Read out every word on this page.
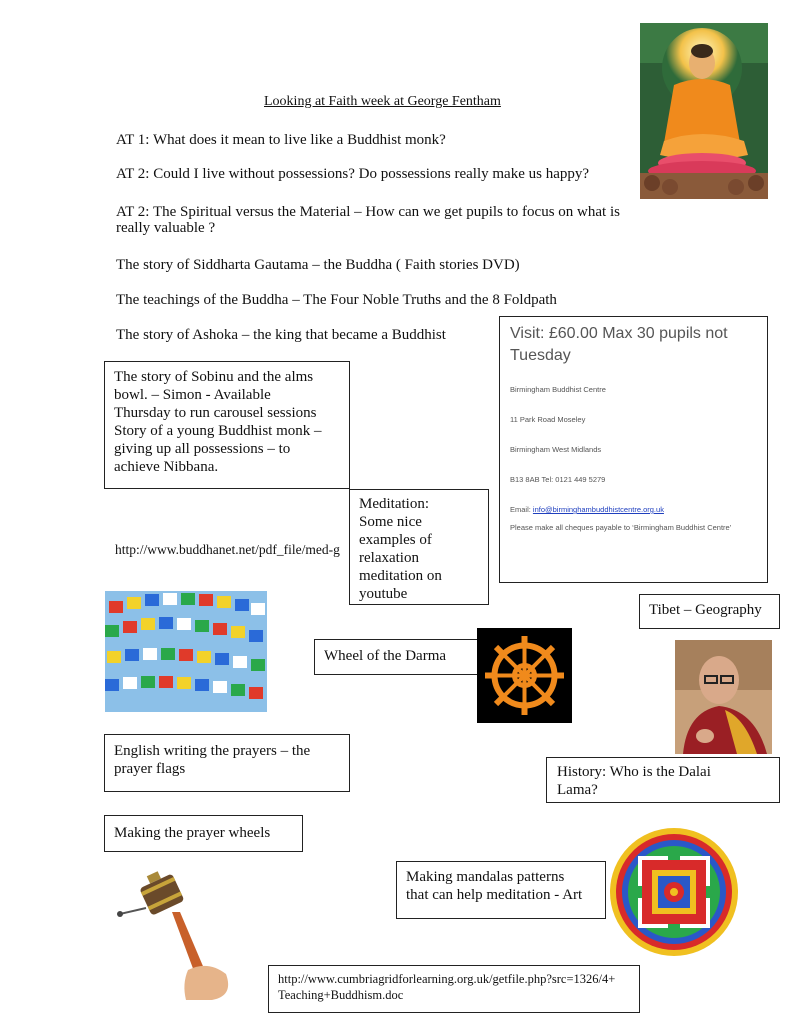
Looking at Faith week at George Fentham
AT 1: What does it mean to live like a Buddhist monk?
AT 2: Could I live without possessions? Do possessions really make us happy?
AT 2: The Spiritual versus the Material – How can we get pupils to focus on what is
really valuable ?
The story of Siddharta Gautama – the Buddha ( Faith stories DVD)
The teachings of the Buddha – The Four Noble Truths and the 8 Foldpath
The story of Ashoka – the king that became a Buddhist
The story of Sobinu and the alms
bowl. – Simon - Available
Thursday to run carousel sessions
Story of a young Buddhist monk –
giving up all possessions – to
achieve Nibbana.
http://www.buddhanet.net/pdf_file/med-g
Meditation:
Some nice
examples of
relaxation
meditation on
youtube
Visit: £60.00 Max 30 pupils not Tuesday
Birmingham Buddhist Centre
11 Park Road Moseley
Birmingham West Midlands
B13 8AB Tel: 0121 449 5279
Email: info@birminghambuddhistcentre.org.uk
Please make all cheques payable to ‘Birmingham Buddhist Centre’
Tibet – Geography
Wheel of the Darma
English writing the prayers – the
prayer flags	History: Who is the Dalai
Lama?
Making the prayer wheels
Making mandalas patterns
that can help meditation - Art
http://www.cumbriagridforlearning.org.uk/getfile.php?src=1326/4+
Teaching+Buddhism.doc
